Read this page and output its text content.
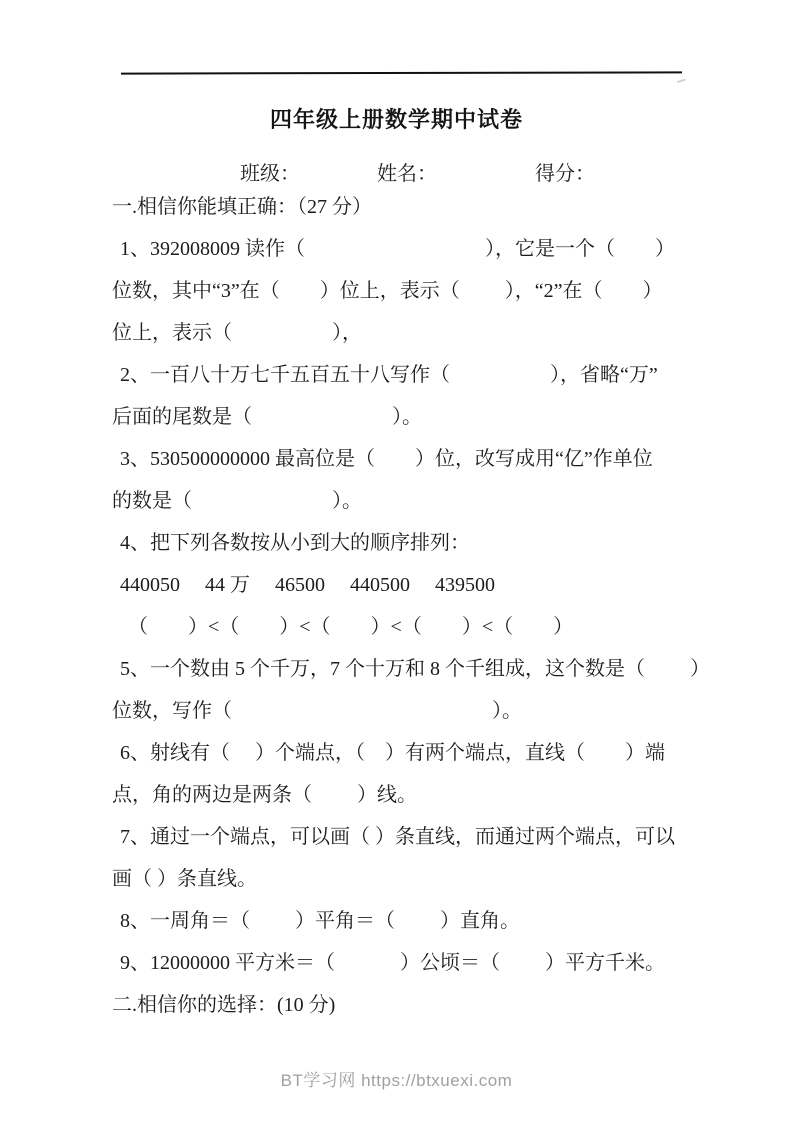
四年级上册数学期中试卷
班级：	姓名：	得分：
一.相信你能填正确：（27 分）
1、392008009 读作（　　　　　　　　　），它是一个（　　）
位数，其中“3”在（　　）位上，表示（　　 ），“2”在（　　）
位上，表示（　　　　　），
2、一百八十万七千五百五十八写作（　　　　　），省略“万”
后面的尾数是（　　　　　　　）。
3、530500000000 最高位是（　　）位，改写成用“亿”作单位
的数是（　　　　　　　）。
4、把下列各数按从小到大的顺序排列：
440050　 44 万　 46500　 440500　 439500
（　　）<（　　）<（　　）<（　　）<（　　）
5、一个数由 5 个千万，7 个十万和 8 个千组成，这个数是（　　 ）
位数，写作（　　　　　　　　　　　　　）。
6、射线有（　 ）个端点，（　）有两个端点，直线（　　）端
点，角的两边是两条（　　 ）线。
7、通过一个端点，可以画（ ）条直线，而通过两个端点，可以
画（ ）条直线。
8、一周角＝（　　 ）平角＝（　　 ）直角。
9、12000000 平方米＝（　　　 ）公顷＝（　　 ）平方千米。
二.相信你的选择：(10 分)
BT学习网 https://btxuexi.com
